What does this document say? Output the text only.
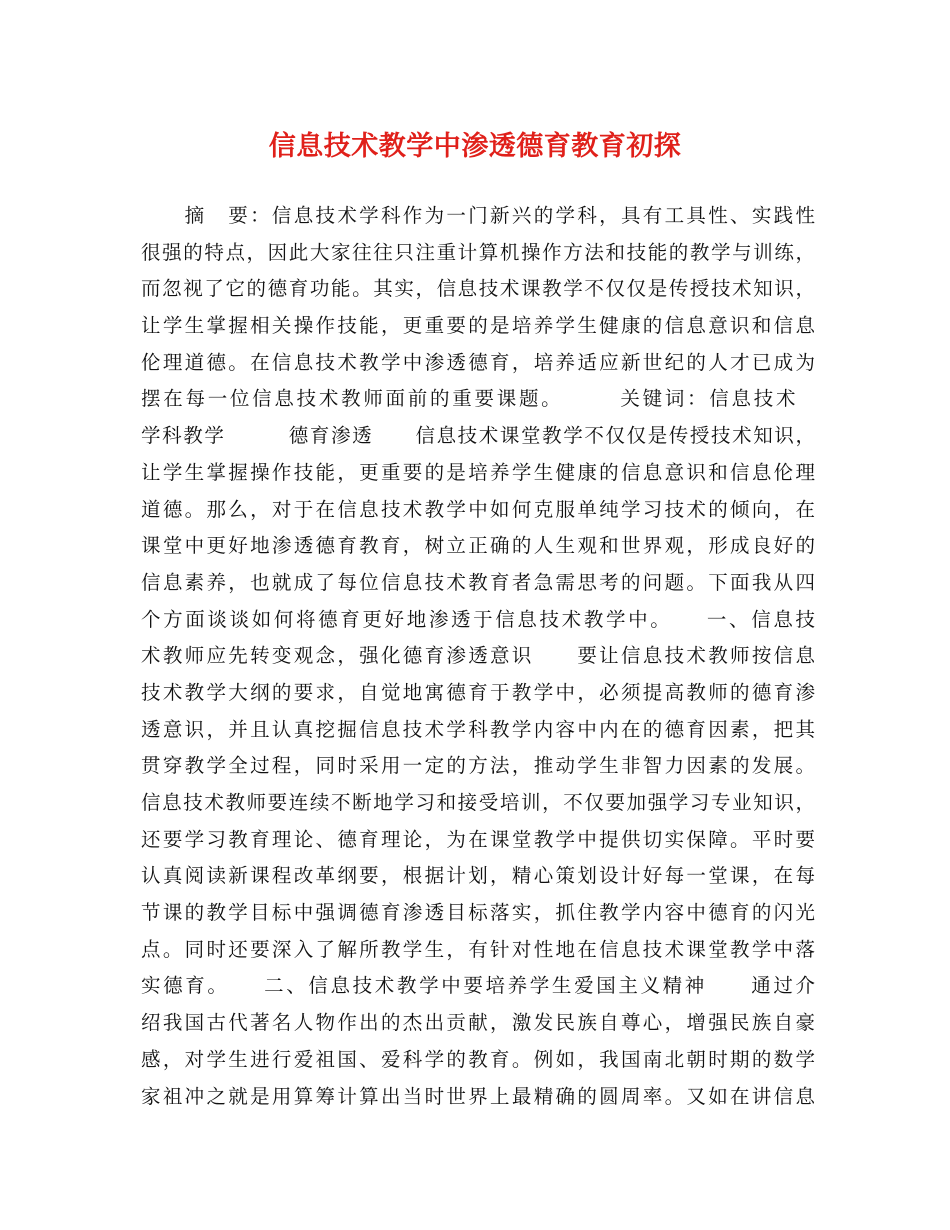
信息技术教学中渗透德育教育初探
　　摘　要：信息技术学科作为一门新兴的学科，具有工具性、实践性
很强的特点，因此大家往往只注重计算机操作方法和技能的教学与训练，
而忽视了它的德育功能。其实，信息技术课教学不仅仅是传授技术知识，
让学生掌握相关操作技能，更重要的是培养学生健康的信息意识和信息
伦理道德。在信息技术教学中渗透德育，培养适应新世纪的人才已成为
摆在每一位信息技术教师面前的重要课题。　　　关键词：信息技术　
学科教学　　　德育渗透　　信息技术课堂教学不仅仅是传授技术知识，
让学生掌握操作技能，更重要的是培养学生健康的信息意识和信息伦理
道德。那么，对于在信息技术教学中如何克服单纯学习技术的倾向，在
课堂中更好地渗透德育教育，树立正确的人生观和世界观，形成良好的
信息素养，也就成了每位信息技术教育者急需思考的问题。下面我从四
个方面谈谈如何将德育更好地渗透于信息技术教学中。　　一、信息技
术教师应先转变观念，强化德育渗透意识　　要让信息技术教师按信息
技术教学大纲的要求，自觉地寓德育于教学中，必须提高教师的德育渗
透意识，并且认真挖掘信息技术学科教学内容中内在的德育因素，把其
贯穿教学全过程，同时采用一定的方法，推动学生非智力因素的发展。
信息技术教师要连续不断地学习和接受培训，不仅要加强学习专业知识，
还要学习教育理论、德育理论，为在课堂教学中提供切实保障。平时要
认真阅读新课程改革纲要，根据计划，精心策划设计好每一堂课，在每
节课的教学目标中强调德育渗透目标落实，抓住教学内容中德育的闪光
点。同时还要深入了解所教学生，有针对性地在信息技术课堂教学中落
实德育。　　二、信息技术教学中要培养学生爱国主义精神　　通过介
绍我国古代著名人物作出的杰出贡献，激发民族自尊心，增强民族自豪
感，对学生进行爱祖国、爱科学的教育。例如，我国南北朝时期的数学
家祖冲之就是用算筹计算出当时世界上最精确的圆周率。又如在讲信息
